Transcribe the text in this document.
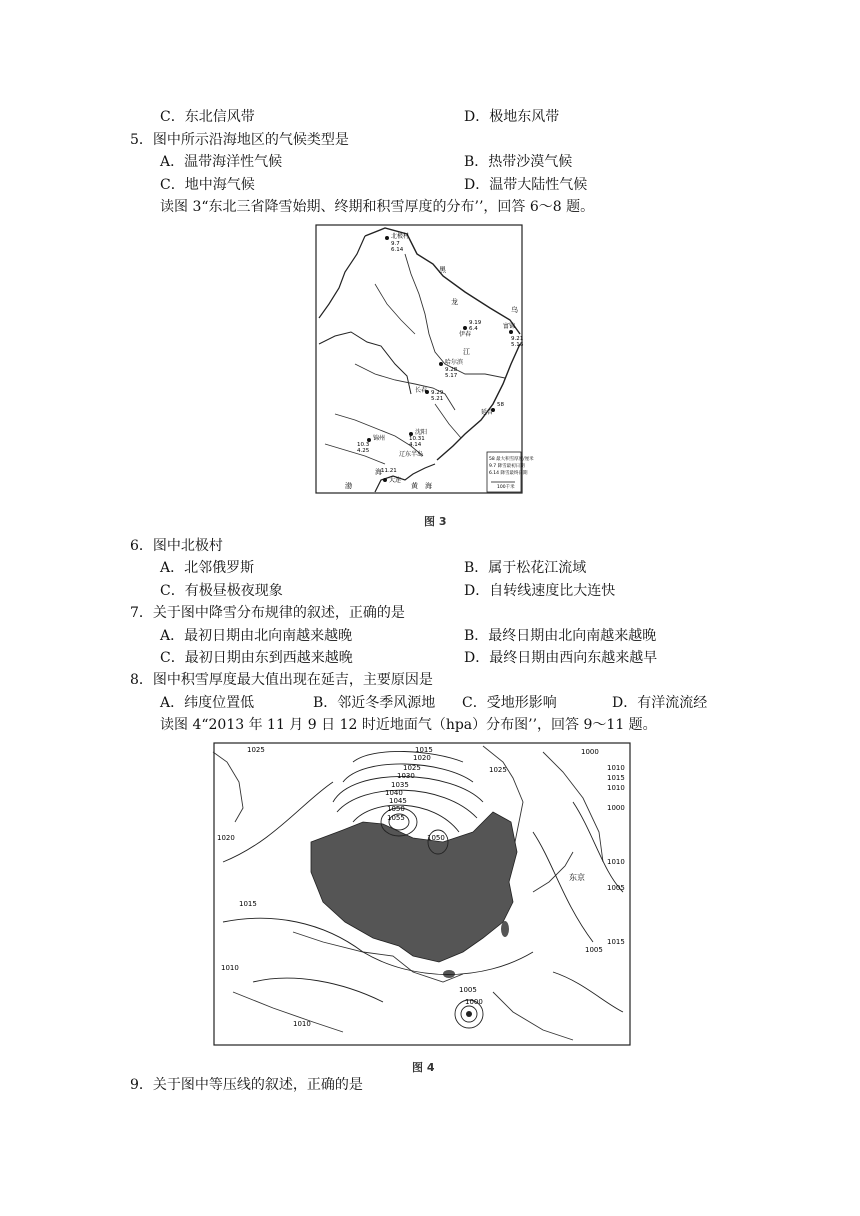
C．东北信风带	D．极地东风带
5．图中所示沿海地区的气候类型是
A．温带海洋性气候	B．热带沙漠气候
C．地中海气候	D．温带大陆性气候
读图 3“东北三省降雪始期、终期和积雪厚度的分布’’，回答 6～8 题。
北极村
9.7
6.14
黑
龙
江
伊春
9.19
6.4	富锦
9.21
5.16
哈尔滨
9.28
5.17
长春 9.29
5.21
延吉
58
沈阳
10.31
4.14
锦州
10.3
4.25
大连
11.21
辽东半岛
渤	海
黄
海
乌
58 最大积雪厚度/厘米
9.7 降雪最初日期
6.14 降雪最终日期
100千米
图 3
6．图中北极村
A．北邻俄罗斯	B．属于松花江流域
C．有极昼极夜现象	D．自转线速度比大连快
7．关于图中降雪分布规律的叙述，正确的是
A．最初日期由北向南越来越晚	B．最终日期由北向南越来越晚
C．最初日期由东到西越来越晚	D．最终日期由西向东越来越早
8．图中积雪厚度最大值出现在延吉，主要原因是
A．纬度位置低	B．邻近冬季风源地 C．受地形影响	D．有洋流流经
读图 4“2013 年 11 月 9 日 12 时近地面气（hpa）分布图’’，回答 9～11 题。
1025	1015
1020
1025
1030
1035
1040
1045
1050
1055
1050
1025
1000
1010
1015
1010
1000
1010
1005
1015
1020
1015
1010
1010
1005
1000
1005
东京
图 4
9．关于图中等压线的叙述，正确的是
